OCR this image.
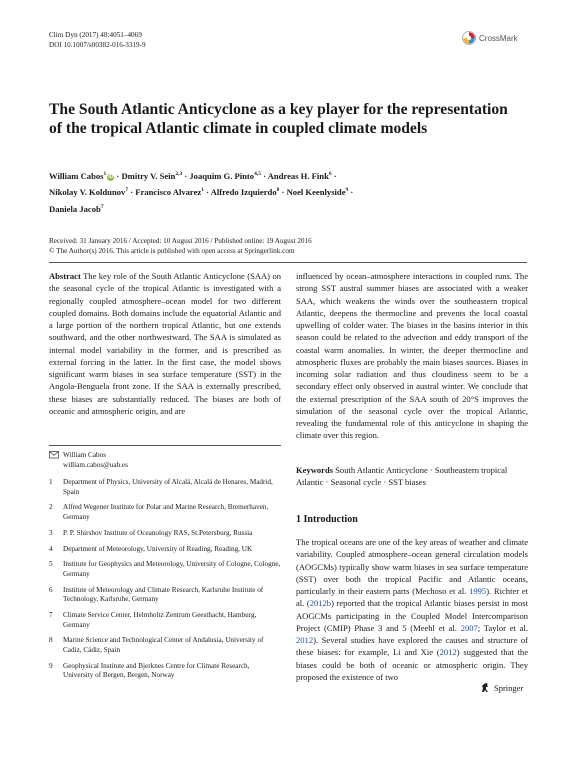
Clim Dyn (2017) 48:4051–4069
DOI 10.1007/s00382-016-3319-9
CrossMark
The South Atlantic Anticyclone as a key player for the representation of the tropical Atlantic climate in coupled climate models
William Cabos$^1$ iD · Dmitry V. Sein$^{2,3}$ · Joaquim G. Pinto$^{4,5}$ · Andreas H. Fink$^6$ ·
Nikolay V. Koldunov$^7$ · Francisco Alvarez$^1$ · Alfredo Izquierdo$^8$ · Noel Keenlyside$^9$ ·
Daniela Jacob$^7$
Received: 31 January 2016 / Accepted: 10 August 2016 / Published online: 19 August 2016
© The Author(s) 2016. This article is published with open access at Springerlink.com

Abstract The key role of the South Atlantic Anticyclone (SAA) on the seasonal cycle of the tropical Atlantic is investigated with a regionally coupled atmosphere–ocean model for two different coupled domains. Both domains include the equatorial Atlantic and a large portion of the northern tropical Atlantic, but one extends southward, and the other northwestward. The SAA is simulated as internal model variability in the former, and is prescribed as external forcing in the latter. In the first case, the model shows significant warm biases in sea surface temperature (SST) in the Angola-Benguela front zone. If the SAA is externally prescribed, these biases are substantially reduced. The biases are both of oceanic and atmospheric origin, and are

William Cabos
william.cabos@uah.es
1 Department of Physics, University of Alcalá, Alcalá de Henares, Madrid, Spain
2 Alfred Wegener Institute for Polar and Marine Research, Bremerhaven, Germany
3 P. P. Shirshov Institute of Oceanology RAS, St.Petersburg, Russia
4 Department of Meteorology, University of Reading, Reading, UK
5 Institute for Geophysics and Meteorology, University of Cologne, Cologne, Germany
6 Institute of Meteorology and Climate Research, Karlsruhe Institute of Technology, Karlsruhe, Germany
7 Climate Service Center, Helmholtz Zentrum Geesthacht, Hamburg, Germany
8 Marine Science and Technological Center of Andalusia, University of Cadiz, Cádiz, Spain
9 Geophysical Institute and Bjerknes Centre for Climate Research, University of Bergen, Bergen, Norway

influenced by ocean–atmosphere interactions in coupled runs. The strong SST austral summer biases are associated with a weaker SAA, which weakens the winds over the southeastern tropical Atlantic, deepens the thermocline and prevents the local coastal upwelling of colder water. The biases in the basins interior in this season could be related to the advection and eddy transport of the coastal warm anomalies. In winter, the deeper thermocline and atmospheric fluxes are probably the main biases sources. Biases in incoming solar radiation and thus cloudiness seem to be a secondary effect only observed in austral winter. We conclude that the external prescription of the SAA south of 20°S improves the simulation of the seasonal cycle over the tropical Atlantic, revealing the fundamental role of this anticyclone in shaping the climate over this region.

Keywords South Atlantic Anticyclone · Southeastern tropical Atlantic · Seasonal cycle · SST biases
1 Introduction
The tropical oceans are one of the key areas of weather and climate variability. Coupled atmosphere–ocean general circulation models (AOGCMs) typically show warm biases in sea surface temperature (SST) over both the tropical Pacific and Atlantic oceans, particularly in their eastern parts (Mechoso et al. 1995). Richter et al. (2012b) reported that the tropical Atlantic biases persist in most AOGCMs participating in the Coupled Model Intercomparison Project (CMIP) Phase 3 and 5 (Meehl et al. 2007; Taylor et al. 2012). Several studies have explored the causes and structure of these biases: for example, Li and Xie (2012) suggested that the biases could be both of oceanic or atmospheric origin. They proposed the existence of two
Springer
